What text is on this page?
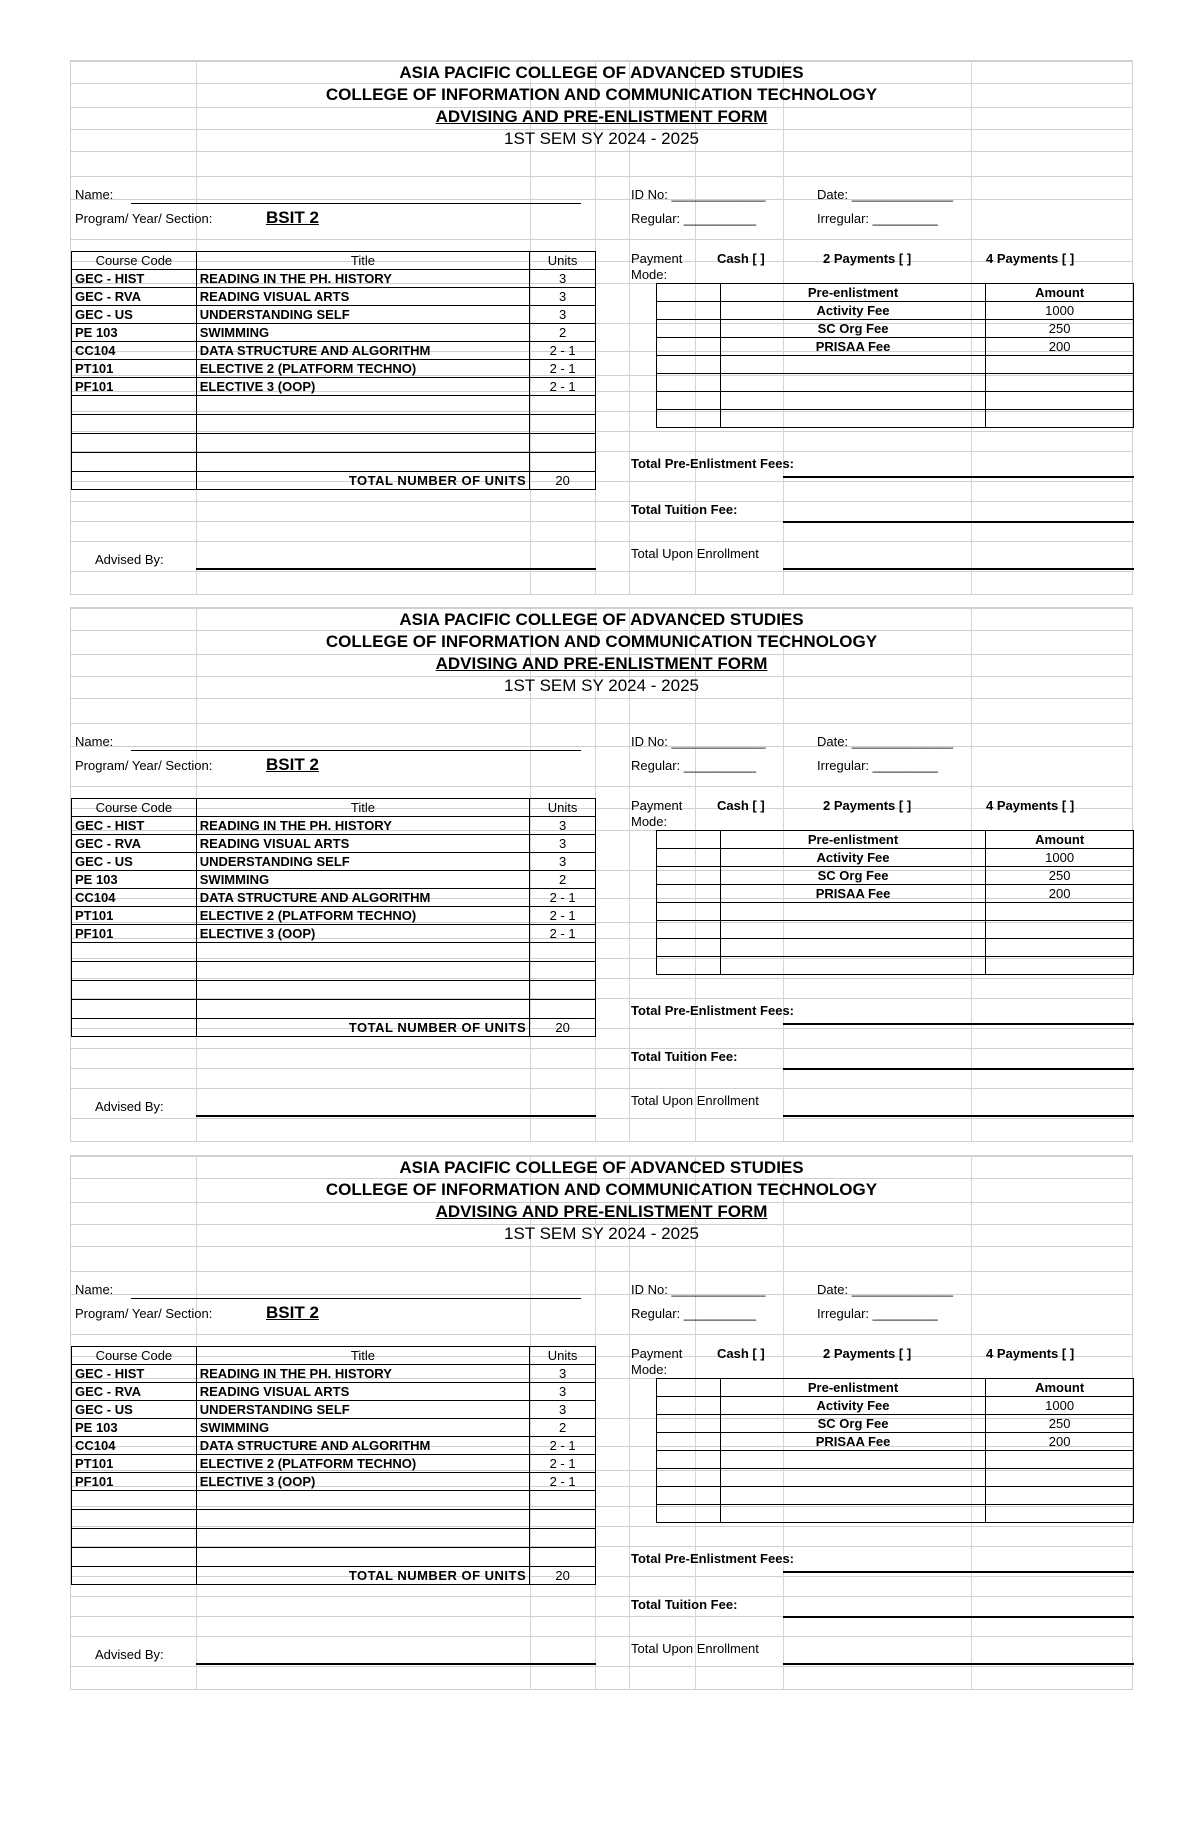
ASIA PACIFIC COLLEGE OF ADVANCED STUDIES
COLLEGE OF INFORMATION AND COMMUNICATION TECHNOLOGY
ADVISING AND PRE-ENLISTMENT FORM
1ST SEM SY 2024 - 2025
Name:	ID No: _____________	Date: ______________
Program/ Year/ Section:	BSIT 2	Regular: __________	Irregular: _________
Course Code	Title	Units
GEC - HIST	READING IN THE PH. HISTORY	3
GEC - RVA	READING VISUAL ARTS	3
GEC - US	UNDERSTANDING SELF	3
PE 103	SWIMMING	2
CC104	DATA STRUCTURE AND ALGORITHM	2 - 1
PT101	ELECTIVE 2 (PLATFORM TECHNO)	2 - 1
PF101	ELECTIVE 3 (OOP)	2 - 1

	TOTAL NUMBER OF UNITS	20
Advised By:
Payment
Mode:
Cash [ ]	2 Payments [ ]	4 Payments [ ]
	Pre-enlistment	Amount
	Activity Fee	1000
	SC Org Fee	250
	PRISAA Fee	200

Total Pre-Enlistment Fees:
Total Tuition Fee:
Total Upon Enrollment
ASIA PACIFIC COLLEGE OF ADVANCED STUDIES
COLLEGE OF INFORMATION AND COMMUNICATION TECHNOLOGY
ADVISING AND PRE-ENLISTMENT FORM
1ST SEM SY 2024 - 2025
Name:	ID No: _____________	Date: ______________
Program/ Year/ Section:	BSIT 2	Regular: __________	Irregular: _________
Course Code	Title	Units
GEC - HIST	READING IN THE PH. HISTORY	3
GEC - RVA	READING VISUAL ARTS	3
GEC - US	UNDERSTANDING SELF	3
PE 103	SWIMMING	2
CC104	DATA STRUCTURE AND ALGORITHM	2 - 1
PT101	ELECTIVE 2 (PLATFORM TECHNO)	2 - 1
PF101	ELECTIVE 3 (OOP)	2 - 1

	TOTAL NUMBER OF UNITS	20
Advised By:
Payment
Mode:
Cash [ ]	2 Payments [ ]	4 Payments [ ]
	Pre-enlistment	Amount
	Activity Fee	1000
	SC Org Fee	250
	PRISAA Fee	200

Total Pre-Enlistment Fees:
Total Tuition Fee:
Total Upon Enrollment
ASIA PACIFIC COLLEGE OF ADVANCED STUDIES
COLLEGE OF INFORMATION AND COMMUNICATION TECHNOLOGY
ADVISING AND PRE-ENLISTMENT FORM
1ST SEM SY 2024 - 2025
Name:	ID No: _____________	Date: ______________
Program/ Year/ Section:	BSIT 2	Regular: __________	Irregular: _________
Course Code	Title	Units
GEC - HIST	READING IN THE PH. HISTORY	3
GEC - RVA	READING VISUAL ARTS	3
GEC - US	UNDERSTANDING SELF	3
PE 103	SWIMMING	2
CC104	DATA STRUCTURE AND ALGORITHM	2 - 1
PT101	ELECTIVE 2 (PLATFORM TECHNO)	2 - 1
PF101	ELECTIVE 3 (OOP)	2 - 1

	TOTAL NUMBER OF UNITS	20
Advised By:
Payment
Mode:
Cash [ ]	2 Payments [ ]	4 Payments [ ]
	Pre-enlistment	Amount
	Activity Fee	1000
	SC Org Fee	250
	PRISAA Fee	200

Total Pre-Enlistment Fees:
Total Tuition Fee:
Total Upon Enrollment
